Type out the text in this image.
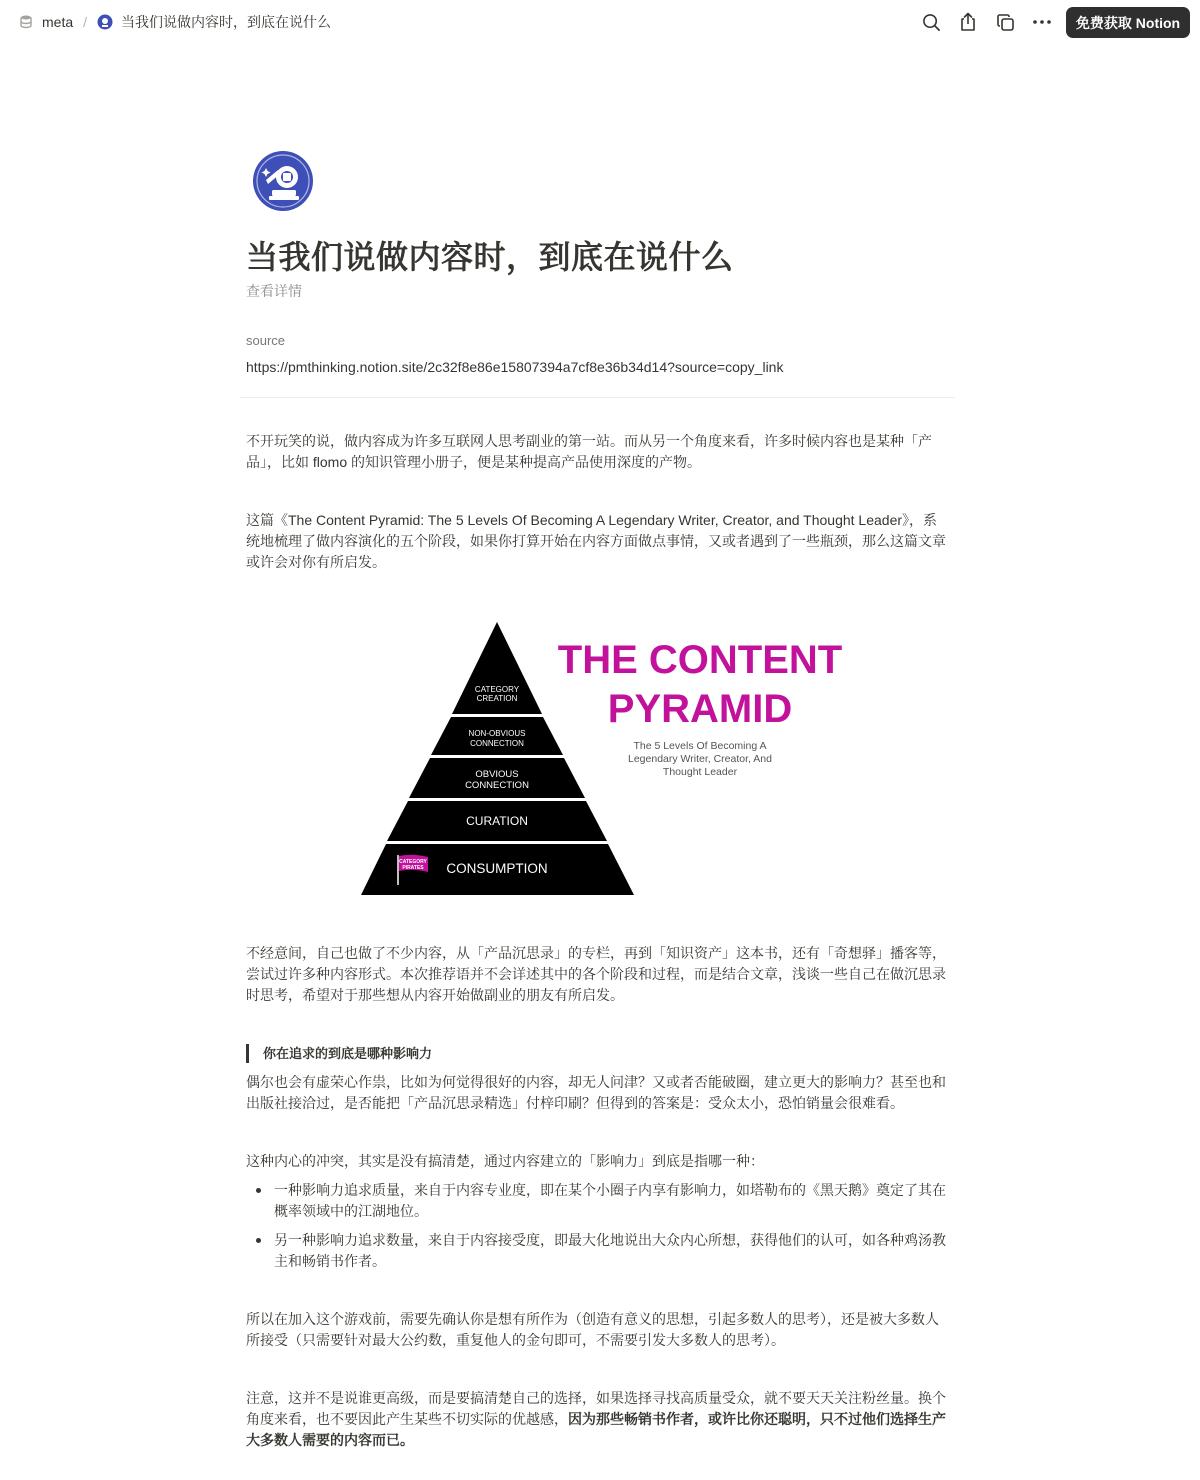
meta / 当我们说做内容时，到底在说什么	免费获取 Notion
当我们说做内容时，到底在说什么
查看详情
source
https://pmthinking.notion.site/2c32f8e86e15807394a7cf8e36b34d14?source=copy_link
不开玩笑的说，做内容成为许多互联网人思考副业的第一站。而从另一个角度来看，许多时候内容也是某种「产品」，比如 flomo 的知识管理小册子，便是某种提高产品使用深度的产物。
这篇《The Content Pyramid: The 5 Levels Of Becoming A Legendary Writer, Creator, and Thought Leader》，系统地梳理了做内容演化的五个阶段，如果你打算开始在内容方面做点事情，又或者遇到了一些瓶颈，那么这篇文章或许会对你有所启发。
CATEGORY
CREATION
NON-OBVIOUS
CONNECTION
OBVIOUS
CONNECTION
CURATION
CONSUMPTION
CATEGORY
PIRATES
THE CONTENT
PYRAMID
The 5 Levels Of Becoming A
Legendary Writer, Creator, And
Thought Leader
不经意间，自己也做了不少内容，从「产品沉思录」的专栏，再到「知识资产」这本书，还有「奇想驿」播客等，尝试过许多种内容形式。本次推荐语并不会详述其中的各个阶段和过程，而是结合文章，浅谈一些自己在做沉思录时思考，希望对于那些想从内容开始做副业的朋友有所启发。
你在追求的到底是哪种影响力
偶尔也会有虚荣心作祟，比如为何觉得很好的内容，却无人问津？又或者否能破圈，建立更大的影响力？甚至也和出版社接洽过，是否能把「产品沉思录精选」付梓印刷？但得到的答案是：受众太小，恐怕销量会很难看。
这种内心的冲突，其实是没有搞清楚，通过内容建立的「影响力」到底是指哪一种：
一种影响力追求质量，来自于内容专业度，即在某个小圈子内享有影响力，如塔勒布的《黑天鹅》奠定了其在概率领域中的江湖地位。
另一种影响力追求数量，来自于内容接受度，即最大化地说出大众内心所想，获得他们的认可，如各种鸡汤教主和畅销书作者。
所以在加入这个游戏前，需要先确认你是想有所作为（创造有意义的思想，引起多数人的思考），还是被大多数人所接受（只需要针对最大公约数，重复他人的金句即可，不需要引发大多数人的思考）。
注意，这并不是说谁更高级，而是要搞清楚自己的选择，如果选择寻找高质量受众，就不要天天关注粉丝量。换个角度来看，也不要因此产生某些不切实际的优越感，因为那些畅销书作者，或许比你还聪明，只不过他们选择生产大多数人需要的内容而已。
